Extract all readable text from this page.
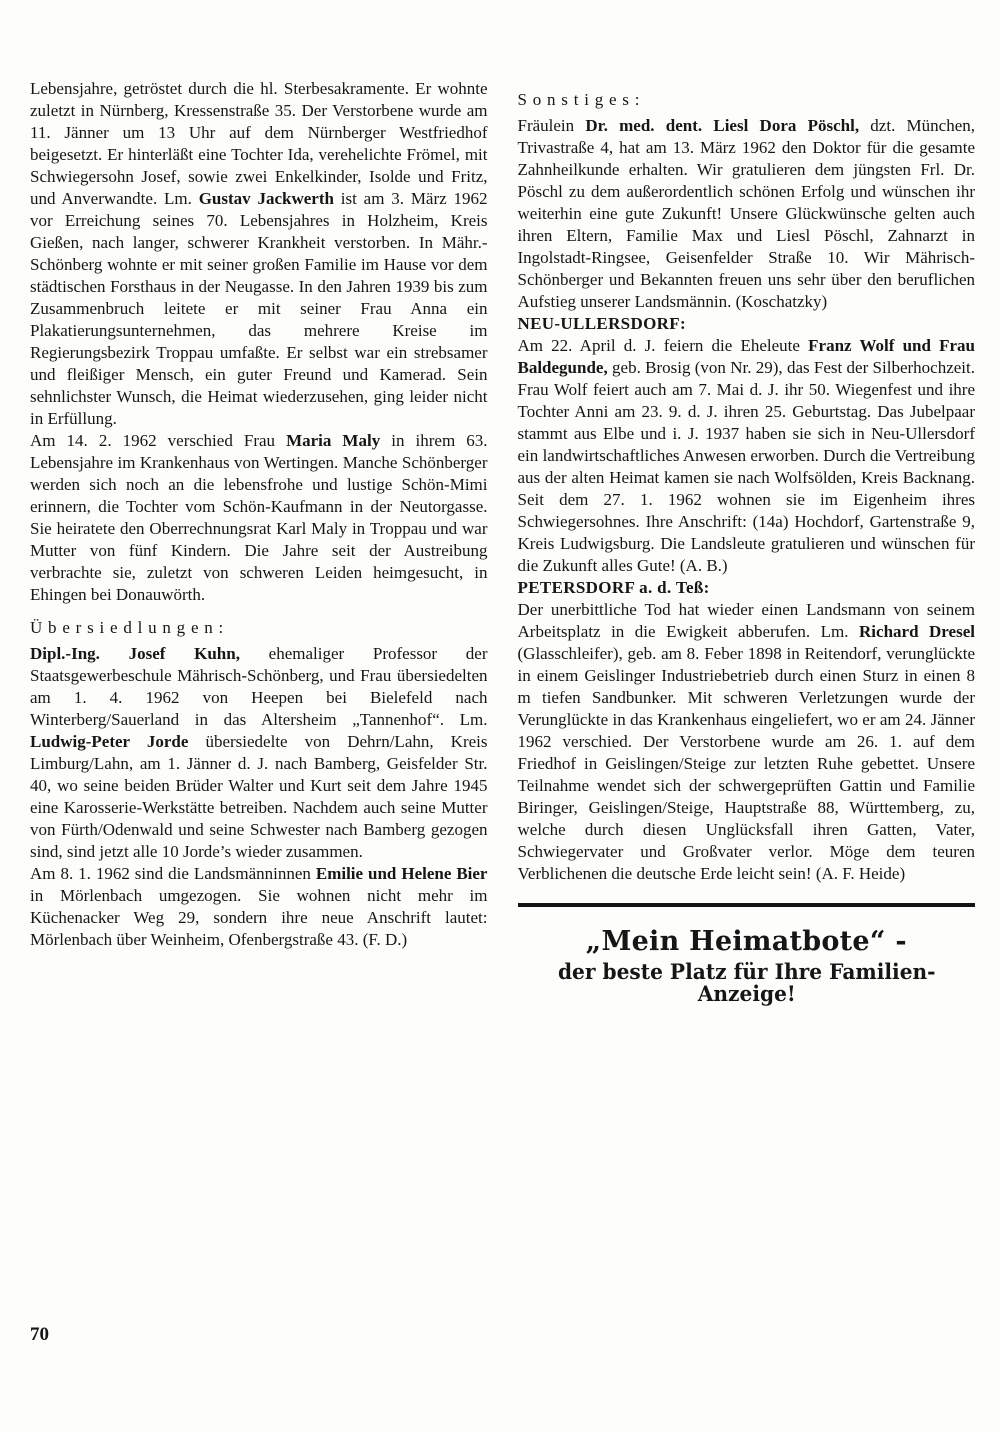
Lebensjahre, getröstet durch die hl. Sterbesakramente. Er wohnte zuletzt in Nürnberg, Kressenstraße 35. Der Verstorbene wurde am 11. Jänner um 13 Uhr auf dem Nürnberger Westfriedhof beigesetzt. Er hinterläßt eine Tochter Ida, verehelichte Frömel, mit Schwiegersohn Josef, sowie zwei Enkelkinder, Isolde und Fritz, und Anverwandte. Lm. Gustav Jackwerth ist am 3. März 1962 vor Erreichung seines 70. Lebensjahres in Holzheim, Kreis Gießen, nach langer, schwerer Krankheit verstorben. In Mähr.-Schönberg wohnte er mit seiner großen Familie im Hause vor dem städtischen Forsthaus in der Neugasse. In den Jahren 1939 bis zum Zusammenbruch leitete er mit seiner Frau Anna ein Plakatierungsunternehmen, das mehrere Kreise im Regierungsbezirk Troppau umfaßte. Er selbst war ein strebsamer und fleißiger Mensch, ein guter Freund und Kamerad. Sein sehnlichster Wunsch, die Heimat wiederzusehen, ging leider nicht in Erfüllung.

Am 14. 2. 1962 verschied Frau Maria Maly in ihrem 63. Lebensjahre im Krankenhaus von Wertingen. Manche Schönberger werden sich noch an die lebensfrohe und lustige Schön-Mimi erinnern, die Tochter vom Schön-Kaufmann in der Neutorgasse. Sie heiratete den Oberrechnungsrat Karl Maly in Troppau und war Mutter von fünf Kindern. Die Jahre seit der Austreibung verbrachte sie, zuletzt von schweren Leiden heimgesucht, in Ehingen bei Donauwörth.

Übersiedlungen:

Dipl.-Ing. Josef Kuhn, ehemaliger Professor der Staatsgewerbeschule Mährisch-Schönberg, und Frau übersiedelten am 1. 4. 1962 von Heepen bei Bielefeld nach Winterberg/Sauerland in das Altersheim „Tannenhof“. Lm. Ludwig-Peter Jorde übersiedelte von Dehrn/Lahn, Kreis Limburg/Lahn, am 1. Jänner d. J. nach Bamberg, Geisfelder Str. 40, wo seine beiden Brüder Walter und Kurt seit dem Jahre 1945 eine Karosserie-Werkstätte betreiben. Nachdem auch seine Mutter von Fürth/Odenwald und seine Schwester nach Bamberg gezogen sind, sind jetzt alle 10 Jorde’s wieder zusammen.

Am 8. 1. 1962 sind die Landsmänninnen Emilie und Helene Bier in Mörlenbach umgezogen. Sie wohnen nicht mehr im Küchenacker Weg 29, sondern ihre neue Anschrift lautet: Mörlenbach über Weinheim, Ofenbergstraße 43. (F. D.)

Sonstiges:

Fräulein Dr. med. dent. Liesl Dora Pöschl, dzt. München, Trivastraße 4, hat am 13. März 1962 den Doktor für die gesamte Zahnheilkunde erhalten. Wir gratulieren dem jüngsten Frl. Dr. Pöschl zu dem außerordentlich schönen Erfolg und wünschen ihr weiterhin eine gute Zukunft! Unsere Glückwünsche gelten auch ihren Eltern, Familie Max und Liesl Pöschl, Zahnarzt in Ingolstadt-Ringsee, Geisenfelder Straße 10. Wir Mährisch-Schönberger und Bekannten freuen uns sehr über den beruflichen Aufstieg unserer Landsmännin. (Koschatzky)

NEU-ULLERSDORF:

Am 22. April d. J. feiern die Eheleute Franz Wolf und Frau Baldegunde, geb. Brosig (von Nr. 29), das Fest der Silberhochzeit. Frau Wolf feiert auch am 7. Mai d. J. ihr 50. Wiegenfest und ihre Tochter Anni am 23. 9. d. J. ihren 25. Geburtstag. Das Jubelpaar stammt aus Elbe und i. J. 1937 haben sie sich in Neu-Ullersdorf ein landwirtschaftliches Anwesen erworben. Durch die Vertreibung aus der alten Heimat kamen sie nach Wolfsölden, Kreis Backnang. Seit dem 27. 1. 1962 wohnen sie im Eigenheim ihres Schwiegersohnes. Ihre Anschrift: (14a) Hochdorf, Gartenstraße 9, Kreis Ludwigsburg. Die Landsleute gratulieren und wünschen für die Zukunft alles Gute! (A. B.)

PETERSDORF a. d. Teß:

Der unerbittliche Tod hat wieder einen Landsmann von seinem Arbeitsplatz in die Ewigkeit abberufen. Lm. Richard Dresel (Glasschleifer), geb. am 8. Feber 1898 in Reitendorf, verunglückte in einem Geislinger Industriebetrieb durch einen Sturz in einen 8 m tiefen Sandbunker. Mit schweren Verletzungen wurde der Verunglückte in das Krankenhaus eingeliefert, wo er am 24. Jänner 1962 verschied. Der Verstorbene wurde am 26. 1. auf dem Friedhof in Geislingen/Steige zur letzten Ruhe gebettet. Unsere Teilnahme wendet sich der schwergeprüften Gattin und Familie Biringer, Geislingen/Steige, Hauptstraße 88, Württemberg, zu, welche durch diesen Unglücksfall ihren Gatten, Vater, Schwiegervater und Großvater verlor. Möge dem teuren Verblichenen die deutsche Erde leicht sein! (A. F. Heide)

„Mein Heimatbote“ -
der beste Platz für Ihre Familien-Anzeige!
70
